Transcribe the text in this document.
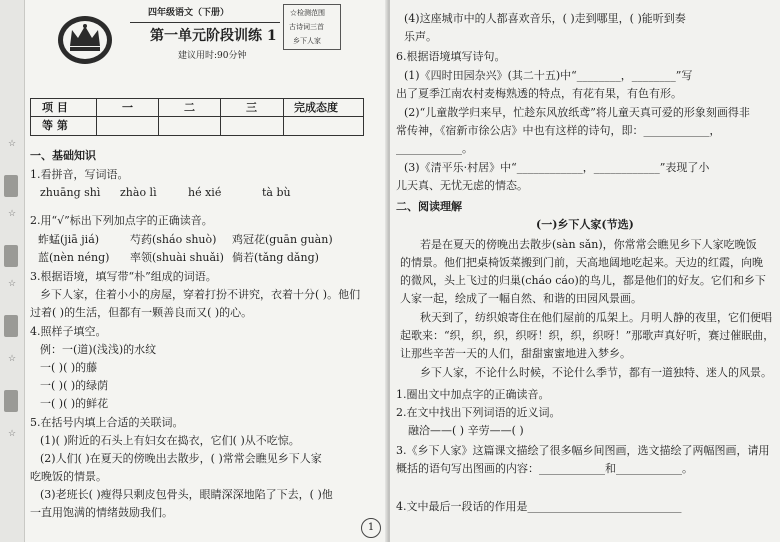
☆
☆
☆
☆
☆
四年级语文（下册）
第一单元阶段训练 1
建议用时:90分钟
☆检测范围
古诗词三首
乡下人家
项 目	一	二	三	完成态度
等 第
一、基础知识
1.看拼音，写词语。
zhuāng shì zhào lì	hé xié	tà bù
2.用“√”标出下列加点字的正确读音。
蚱蜢(jiā jiá)	芍药(sháo shuò) 鸡冠花(guān guàn)
蓝(nèn néng) 率领(shuài shuǎi) 倘若(tǎng dǎng)
3.根据语境，填写带“朴”组成的词语。
乡下人家，住着小小的房屋，穿着打扮不讲究，衣着十分( )。他们
过着( )的生活，但都有一颗善良而又( )的心。
4.照样子填空。
例：一(道)(浅浅)的水纹
一( )( )的藤
一( )( )的绿荫
一( )( )的鲜花
5.在括号内填上合适的关联词。
(1)( )附近的石头上有妇女在捣衣，它们( )从不吃惊。
(2)人们( )在夏天的傍晚出去散步，( )常常会瞧见乡下人家
吃晚饭的情景。
(3)老班长( )瘦得只剩皮包骨头，眼睛深深地陷了下去，( )他
一直用饱满的情绪鼓励我们。
(4)这座城市中的人都喜欢音乐，( )走到哪里，( )能听到奏
乐声。
6.根据语境填写诗句。
(1)《四时田园杂兴》(其二十五)中“________，________”写
出了夏季江南农村麦梅熟透的特点，有花有果，有色有形。
(2)“儿童散学归来早，忙趁东风放纸鸢”将儿童天真可爱的形象刻画得非
常传神，《宿新市徐公店》中也有这样的诗句，即：____________，
____________。
(3)《清平乐·村居》中“____________，____________”表现了小
儿天真、无忧无虑的情态。
二、阅读理解
(一)乡下人家(节选)
若是在夏天的傍晚出去散步(sàn sǎn)，你常常会瞧见乡下人家吃晚饭
的情景。他们把桌椅饭菜搬到门前，天高地阔地吃起来。天边的红霞，向晚
的微风，头上飞过的归巢(cháo cáo)的鸟儿，都是他们的好友。它们和乡下
人家一起，绘成了一幅自然、和谐的田园风景画。
秋天到了，纺织娘寄住在他们屋前的瓜架上。月明人静的夜里，它们便唱
起歌来：“织，织，织，织呀！织，织，织呀！”那歌声真好听，赛过催眠曲，
让那些辛苦一天的人们，甜甜蜜蜜地进入梦乡。
乡下人家，不论什么时候，不论什么季节，都有一道独特、迷人的风景。
1.圈出文中加点字的正确读音。
2.在文中找出下列词语的近义词。
融洽——( ) 辛劳——( )
3.《乡下人家》这篇课文描绘了很多幅乡间图画，选文描绘了两幅图画，请用
概括的语句写出图画的内容：____________和____________。
4.文中最后一段话的作用是____________________________
1
